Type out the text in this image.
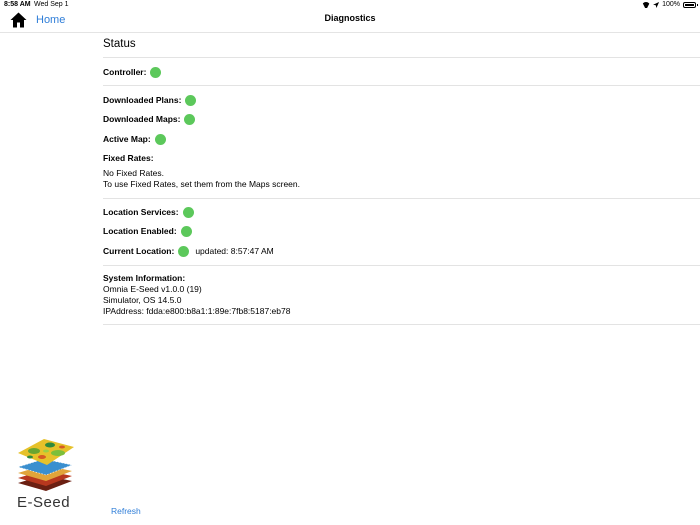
8:58 AM Wed Sep 1	100%
Home	Diagnostics
Status
Controller:
Downloaded Plans:
Downloaded Maps:
Active Map:
Fixed Rates:
No Fixed Rates.
To use Fixed Rates, set them from the Maps screen.
Location Services:
Location Enabled:
Current Location: updated: 8:57:47 AM
System Information:
Omnia E-Seed v1.0.0 (19)
Simulator, OS 14.5.0
IPAddress: fdda:e800:b8a1:1:89e:7fb8:5187:eb78
E-Seed	Refresh
